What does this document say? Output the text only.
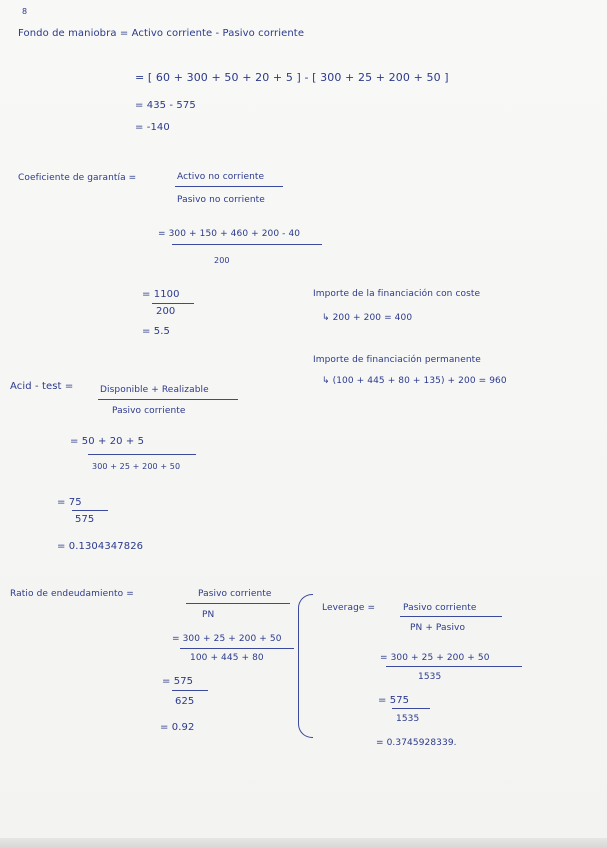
8
Fondo de maniobra = Activo corriente - Pasivo corriente
= [ 60 + 300 + 50 + 20 + 5 ] - [ 300 + 25 + 200 + 50 ]
= 435 - 575
= -140
Coeficiente de garantía =	Activo no corriente
Pasivo no corriente
= 300 + 150 + 460 + 200 - 40
200
= 1100
200
= 5.5
Importe de la financiación con coste
↳ 200 + 200 = 400
Importe de financiación permanente
↳ (100 + 445 + 80 + 135) + 200 = 960
Acid - test =	Disponible + Realizable
Pasivo corriente
= 50 + 20 + 5
300 + 25 + 200 + 50
= 75
575
= 0.1304347826
Ratio de endeudamiento =	Pasivo corriente
PN
= 300 + 25 + 200 + 50
100 + 445 + 80
= 575
625
= 0.92
Leverage =	Pasivo corriente
PN + Pasivo
= 300 + 25 + 200 + 50
1535
= 575
1535
= 0.3745928339.
